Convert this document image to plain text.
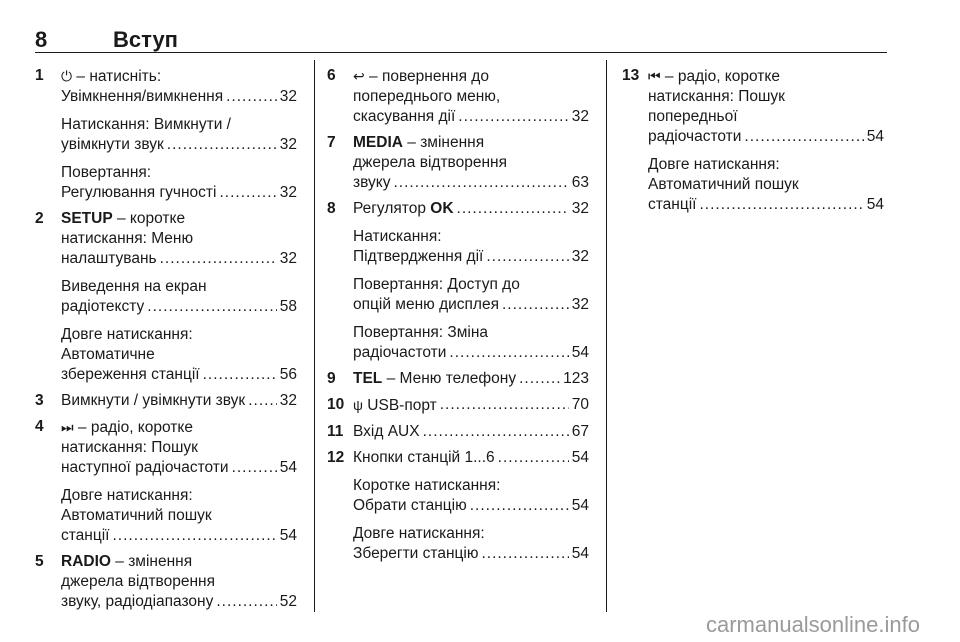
8	Вступ
1 ⏻ – натисніть:
Увімкнення/вимкнення .....	32
Натискання: Вимкнути /
увімкнути звук .....	32
Повертання:
Регулювання гучності .....	32
2 SETUP – коротке
натискання: Меню
налаштувань .....	32
Виведення на екран
радіотексту .....	58
Довге натискання:
Автоматичне
збереження станції .....	56
3 Вимкнути / увімкнути звук ..... 32
4 ⏭ – радіо, коротке
натискання: Пошук
наступної радіочастоти .....	54
Довге натискання:
Автоматичний пошук
станції .....	54
5 RADIO – змінення
джерела відтворення
звуку, радіодіапазону .....	52
6 ↩ – повернення до
попереднього меню,
скасування дії .....	32
7 MEDIA – змінення
джерела відтворення
звуку .....	63
8 Регулятор OK .....	32
Натискання:
Підтвердження дії .....	32
Повертання: Доступ до
опцій меню дисплея .....	32
Повертання: Зміна
радіочастоти .....	54
9 TEL – Меню телефону .....	123
10 ψ USB-порт .....	70
11 Вхід AUX .....	67
12 Кнопки станцій 1...6 .....	54
Коротке натискання:
Обрати станцію .....	54
Довге натискання:
Зберегти станцію .....	54
13 ⏮ – радіо, коротке
натискання: Пошук
попередньої
радіочастоти .....	54
Довге натискання:
Автоматичний пошук
станції .....	54
carmanualsonline.info
